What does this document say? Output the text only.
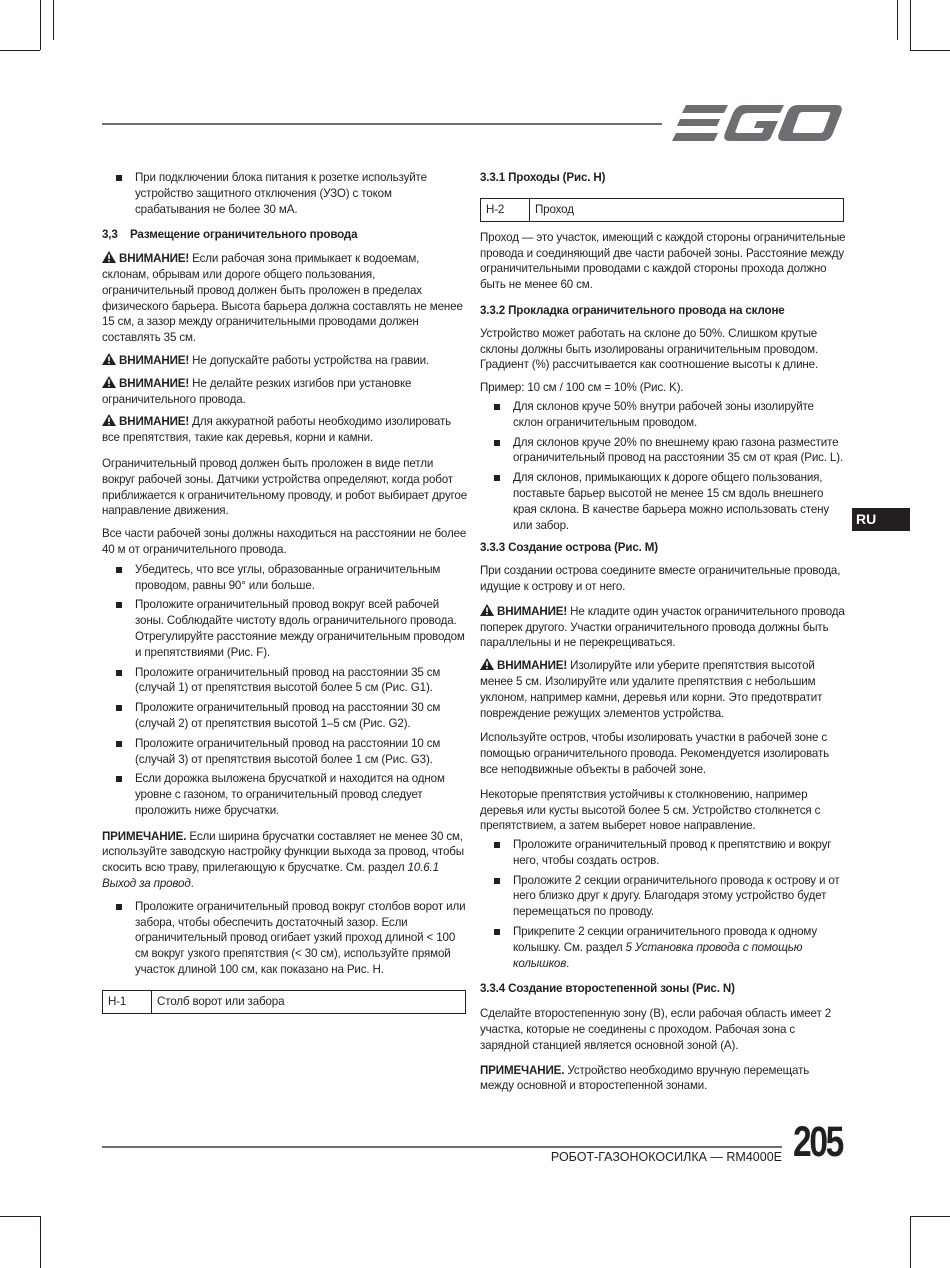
При подключении блока питания к розетке используйте устройство защитного отключения (УЗО) с током срабатывания не более 30 мА.
3,3 Размещение ограничительного провода

ВНИМАНИЕ! Если рабочая зона примыкает к водоемам, склонам, обрывам или дороге общего пользования, ограничительный провод должен быть проложен в пределах физического барьера. Высота барьера должна составлять не менее 15 см, а зазор между ограничительными проводами должен составлять 35 см.

ВНИМАНИЕ! Не допускайте работы устройства на гравии.

ВНИМАНИЕ! Не делайте резких изгибов при установке ограничительного провода.

ВНИМАНИЕ! Для аккуратной работы необходимо изолировать все препятствия, такие как деревья, корни и камни.

Ограничительный провод должен быть проложен в виде петли вокруг рабочей зоны. Датчики устройства определяют, когда робот приближается к ограничительному проводу, и робот выбирает другое направление движения.

Все части рабочей зоны должны находиться на расстоянии не более 40 м от ограничительного провода.

Убедитесь, что все углы, образованные ограничительным проводом, равны 90° или больше.
Проложите ограничительный провод вокруг всей рабочей зоны. Соблюдайте чистоту вдоль ограничительного провода. Отрегулируйте расстояние между ограничительным проводом и препятствиями (Рис. F).
Проложите ограничительный провод на расстоянии 35 см (случай 1) от препятствия высотой более 5 см (Рис. G1).
Проложите ограничительный провод на расстоянии 30 см (случай 2) от препятствия высотой 1–5 см (Рис. G2).
Проложите ограничительный провод на расстоянии 10 см (случай 3) от препятствия высотой более 1 см (Рис. G3).
Если дорожка выложена брусчаткой и находится на одном уровне с газоном, то ограничительный провод следует проложить ниже брусчатки.

ПРИМЕЧАНИЕ. Если ширина брусчатки составляет не менее 30 см, используйте заводскую настройку функции выхода за провод, чтобы скосить всю траву, прилегающую к брусчатке. См. раздел 10.6.1 Выход за провод.

Проложите ограничительный провод вокруг столбов ворот или забора, чтобы обеспечить достаточный зазор. Если ограничительный провод огибает узкий проход длиной < 100 см вокруг узкого препятствия (< 30 см), используйте прямой участок длиной 100 см, как показано на Рис. H.
H-1	Столб ворот или забора
3.3.1 Проходы (Рис. H)
H-2	Проход

Проход — это участок, имеющий с каждой стороны ограничительные провода и соединяющий две части рабочей зоны. Расстояние между ограничительными проводами с каждой стороны прохода должно быть не менее 60 см.

3.3.2 Прокладка ограничительного провода на склоне

Устройство может работать на склоне до 50%. Слишком крутые склоны должны быть изолированы ограничительным проводом. Градиент (%) рассчитывается как соотношение высоты к длине.

Пример: 10 см / 100 см = 10% (Рис. K).

Для склонов круче 50% внутри рабочей зоны изолируйте склон ограничительным проводом.
Для склонов круче 20% по внешнему краю газона разместите ограничительный провод на расстоянии 35 см от края (Рис. L).
Для склонов, примыкающих к дороге общего пользования, поставьте барьер высотой не менее 15 см вдоль внешнего края склона. В качестве барьера можно использовать стену или забор.
3.3.3 Создание острова (Рис. M)

При создании острова соедините вместе ограничительные провода, идущие к острову и от него.

ВНИМАНИЕ! Не кладите один участок ограничительного провода поперек другого. Участки ограничительного провода должны быть параллельны и не перекрещиваться.

ВНИМАНИЕ! Изолируйте или уберите препятствия высотой менее 5 см. Изолируйте или удалите препятствия с небольшим уклоном, например камни, деревья или корни. Это предотвратит повреждение режущих элементов устройства.

Используйте остров, чтобы изолировать участки в рабочей зоне с помощью ограничительного провода. Рекомендуется изолировать все неподвижные объекты в рабочей зоне.

Некоторые препятствия устойчивы к столкновению, например деревья или кусты высотой более 5 см. Устройство столкнется с препятствием, а затем выберет новое направление.

Проложите ограничительный провод к препятствию и вокруг него, чтобы создать остров.
Проложите 2 секции ограничительного провода к острову и от него близко друг к другу. Благодаря этому устройство будет перемещаться по проводу.
Прикрепите 2 секции ограничительного провода к одному колышку. См. раздел 5 Установка провода с помощью колышков.
3.3.4 Создание второстепенной зоны (Рис. N)

Сделайте второстепенную зону (B), если рабочая область имеет 2 участка, которые не соединены с проходом. Рабочая зона с зарядной станцией является основной зоной (A).

ПРИМЕЧАНИЕ. Устройство необходимо вручную перемещать между основной и второстепенной зонами.

RU
РОБОТ-ГАЗОНОКОСИЛКА — RM4000E 205
